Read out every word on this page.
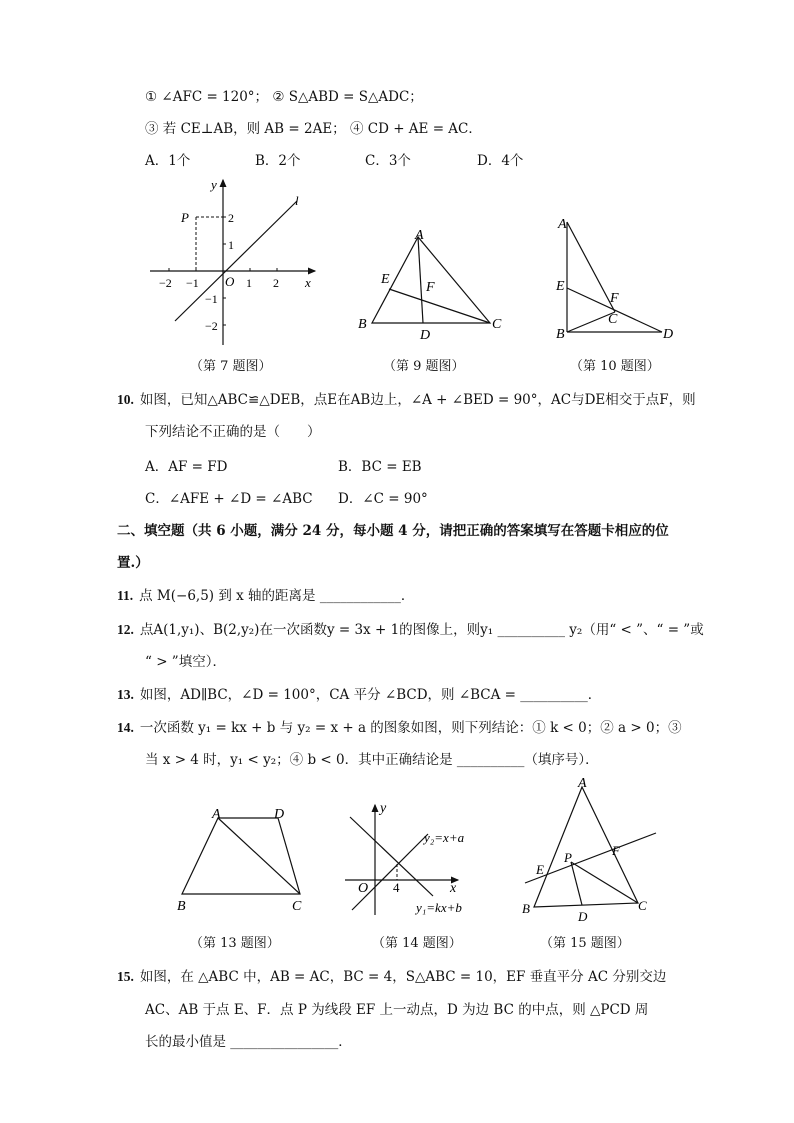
① ∠AFC = 120°； ② S△ABD = S△ADC；
③ 若 CE⊥AB，则 AB = 2AE； ④ CD + AE = AC．
A．1个	B．2个	C．3个	D．4个
y
x
O
l
P
−2 −1	1 2
2
1
−1
−2
（第 7 题图）
A
B	C
D
E
F
（第 9 题图）
A
B
C
D
E
F
（第 10 题图）
10. 如图，已知△ABC≌△DEB，点E在AB边上，∠A + ∠BED = 90°，AC与DE相交于点F，则
下列结论不正确的是（　　）
A．AF = FD	B．BC = EB
C．∠AFE + ∠D = ∠ABC D．∠C = 90°
二、填空题（共 6 小题，满分 24 分，每小题 4 分，请把正确的答案填写在答题卡相应的位
置.）
11. 点 M(−6,5) 到 x 轴的距离是 ____________．
12. 点A(1,y₁)、B(2,y₂)在一次函数y = 3x + 1的图像上，则y₁ __________ y₂（用“ < ”、“ = ”或
“ > ”填空）．
13. 如图，AD∥BC，∠D = 100°，CA 平分 ∠BCD，则 ∠BCA = __________．
14. 一次函数 y₁ = kx + b 与 y₂ = x + a 的图象如图，则下列结论：① k < 0；② a > 0；③
当 x > 4 时，y₁ < y₂；④ b < 0．其中正确结论是 __________（填序号）．
A	D
B	C
（第 13 题图）
y
x
O 4
y₂=x+a
y₁=kx+b
（第 14 题图）
A
B	C
D
E
F
P
（第 15 题图）
15. 如图，在 △ABC 中，AB = AC，BC = 4，S△ABC = 10，EF 垂直平分 AC 分别交边
AC、AB 于点 E、F．点 P 为线段 EF 上一动点，D 为边 BC 的中点，则 △PCD 周
长的最小值是 ________________．
